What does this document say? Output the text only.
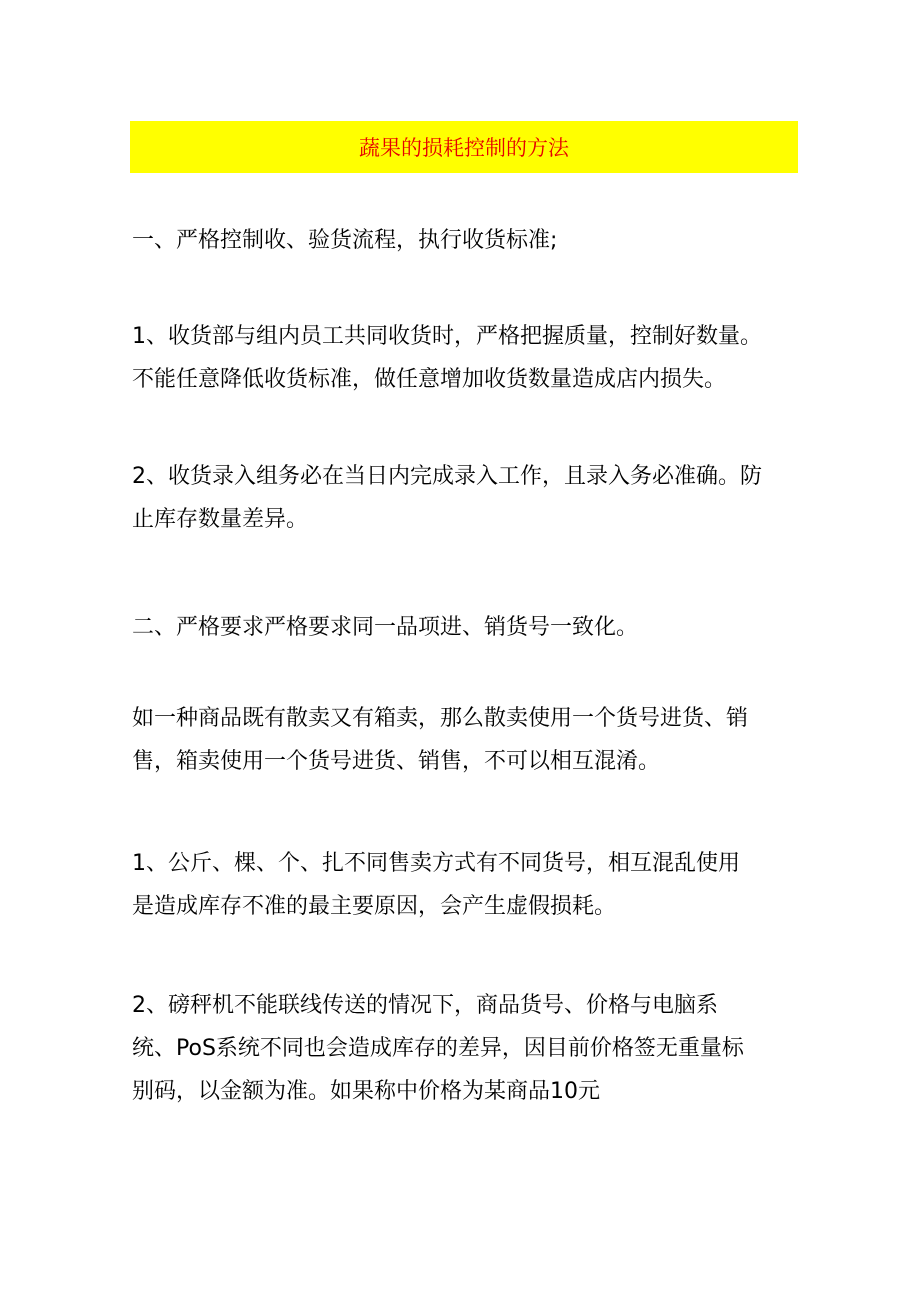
蔬果的损耗控制的方法
一、严格控制收、验货流程，执行收货标准;
1、收货部与组内员工共同收货时，严格把握质量，控制好数量。
不能任意降低收货标准，做任意增加收货数量造成店内损失。
2、收货录入组务必在当日内完成录入工作，且录入务必准确。防
止库存数量差异。
二、严格要求严格要求同一品项进、销货号一致化。
如一种商品既有散卖又有箱卖，那么散卖使用一个货号进货、销
售，箱卖使用一个货号进货、销售，不可以相互混淆。
1、公斤、棵、个、扎不同售卖方式有不同货号，相互混乱使用
是造成库存不准的最主要原因，会产生虚假损耗。
2、磅秤机不能联线传送的情况下，商品货号、价格与电脑系
统、PoS系统不同也会造成库存的差异，因目前价格签无重量标
别码，以金额为准。如果称中价格为某商品10元
